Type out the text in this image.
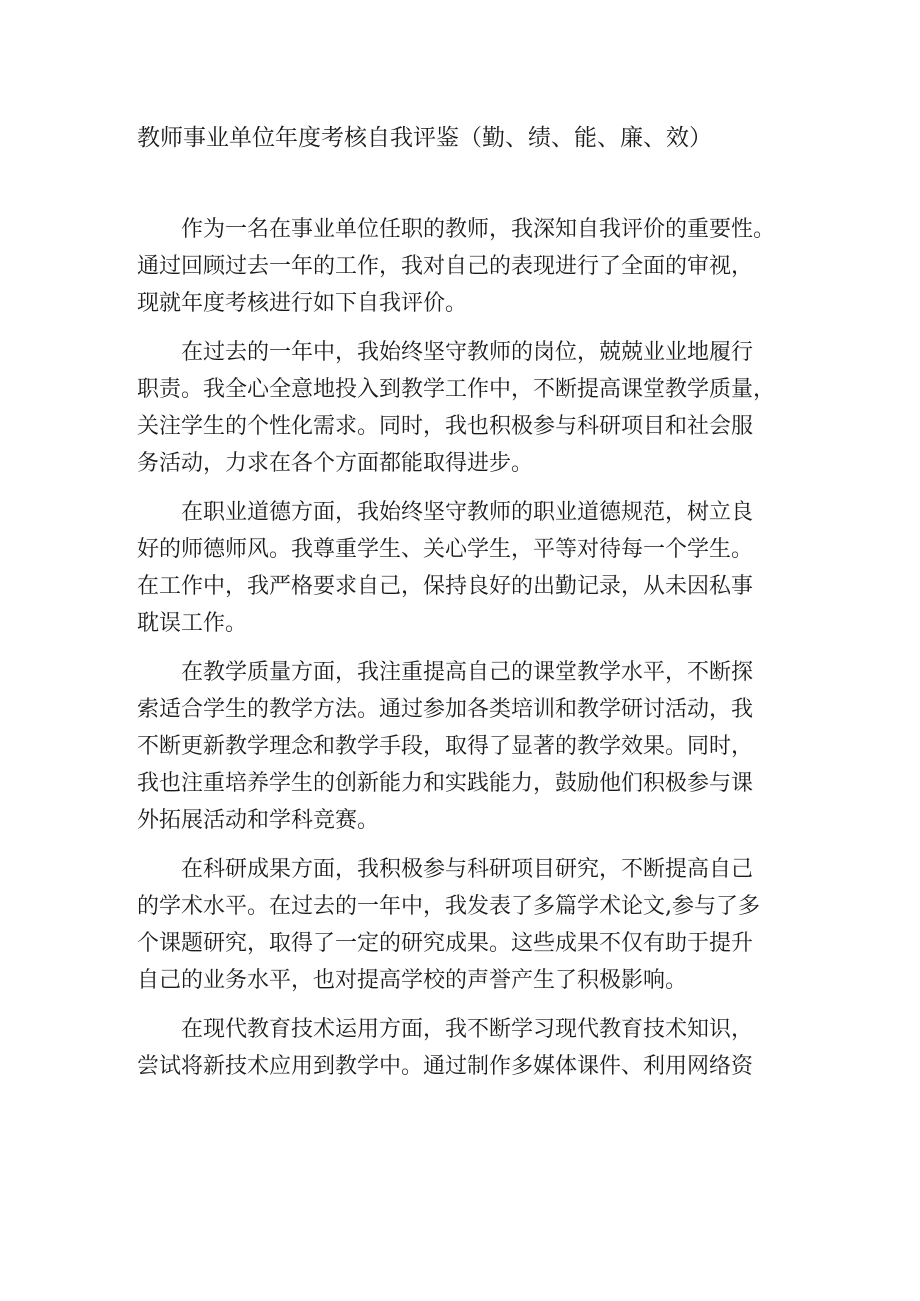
教师事业单位年度考核自我评鉴（勤、绩、能、廉、效）

作为一名在事业单位任职的教师，我深知自我评价的重要性。
通过回顾过去一年的工作，我对自己的表现进行了全面的审视，
现就年度考核进行如下自我评价。

在过去的一年中，我始终坚守教师的岗位，兢兢业业地履行
职责。我全心全意地投入到教学工作中，不断提高课堂教学质量，
关注学生的个性化需求。同时，我也积极参与科研项目和社会服
务活动，力求在各个方面都能取得进步。

在职业道德方面，我始终坚守教师的职业道德规范，树立良
好的师德师风。我尊重学生、关心学生，平等对待每一个学生。
在工作中，我严格要求自己，保持良好的出勤记录，从未因私事
耽误工作。

在教学质量方面，我注重提高自己的课堂教学水平，不断探
索适合学生的教学方法。通过参加各类培训和教学研讨活动，我
不断更新教学理念和教学手段，取得了显著的教学效果。同时，
我也注重培养学生的创新能力和实践能力，鼓励他们积极参与课
外拓展活动和学科竞赛。

在科研成果方面，我积极参与科研项目研究，不断提高自己
的学术水平。在过去的一年中，我发表了多篇学术论文,参与了多
个课题研究，取得了一定的研究成果。这些成果不仅有助于提升
自己的业务水平，也对提高学校的声誉产生了积极影响。

在现代教育技术运用方面，我不断学习现代教育技术知识，
尝试将新技术应用到教学中。通过制作多媒体课件、利用网络资
